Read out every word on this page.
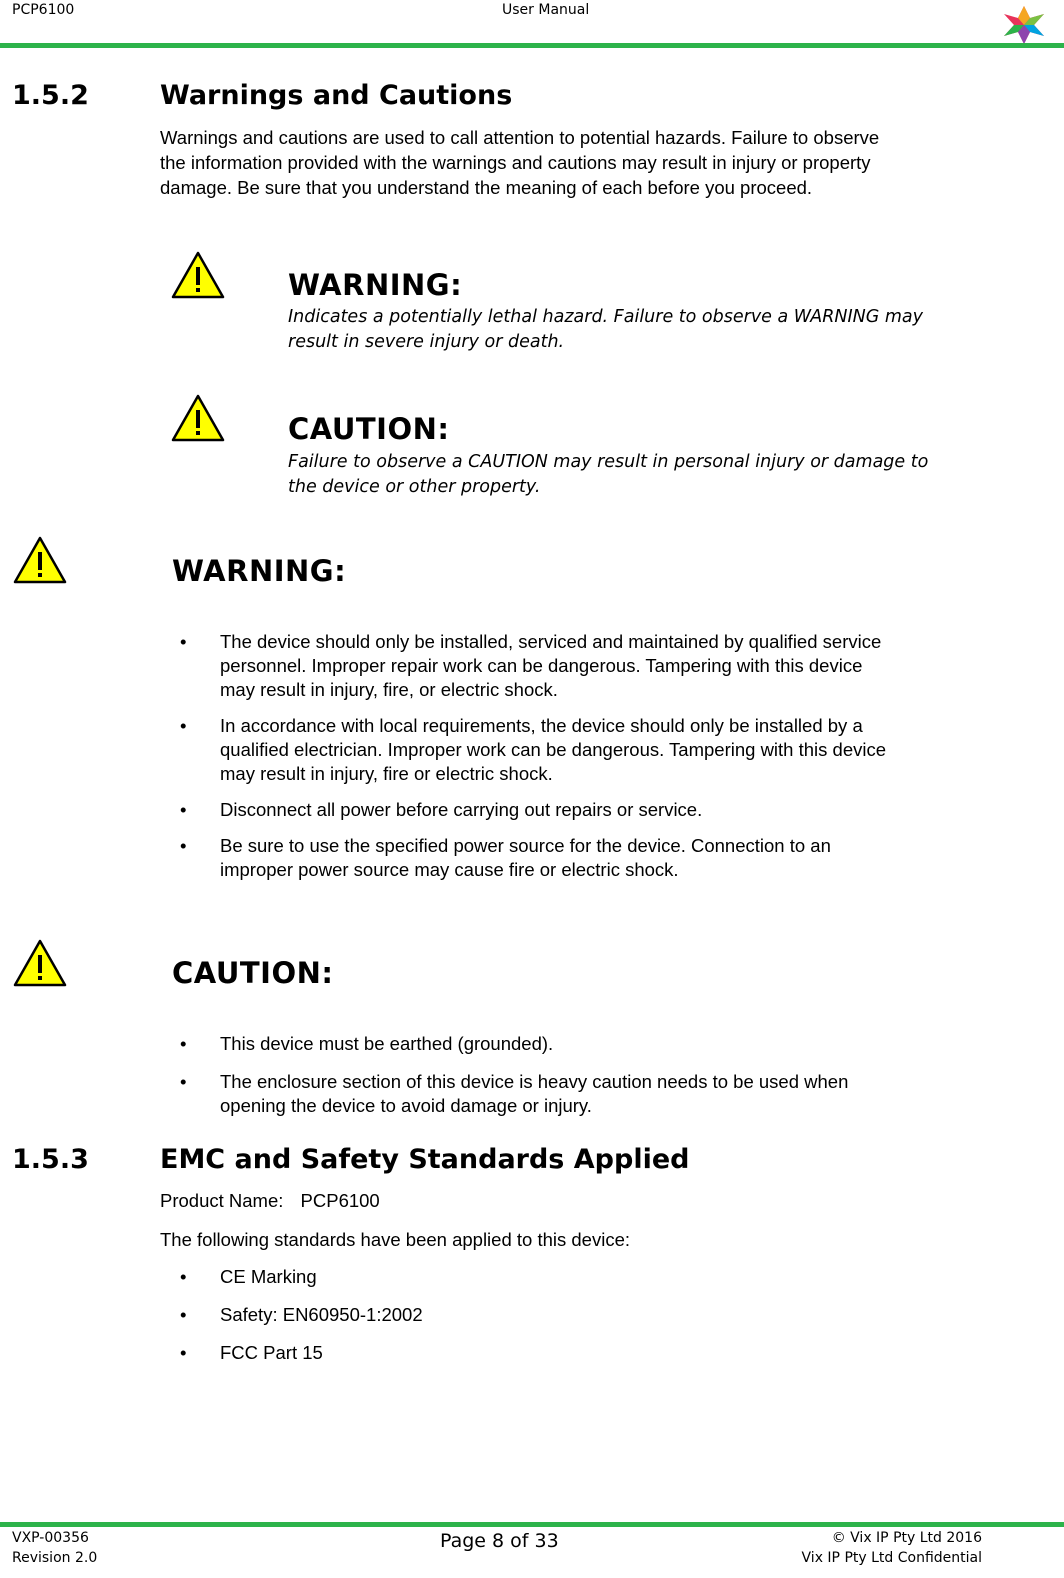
PCP6100	User Manual
1.5.2	Warnings and Cautions
Warnings and cautions are used to call attention to potential hazards. Failure to observe
the information provided with the warnings and cautions may result in injury or property
damage. Be sure that you understand the meaning of each before you proceed.
WARNING:
Indicates a potentially lethal hazard. Failure to observe a WARNING may
result in severe injury or death.
CAUTION:
Failure to observe a CAUTION may result in personal injury or damage to
the device or other property.
WARNING:
• The device should only be installed, serviced and maintained by qualified service
personnel. Improper repair work can be dangerous. Tampering with this device
may result in injury, fire, or electric shock.
• In accordance with local requirements, the device should only be installed by a
qualified electrician. Improper work can be dangerous. Tampering with this device
may result in injury, fire or electric shock.
• Disconnect all power before carrying out repairs or service.
• Be sure to use the specified power source for the device. Connection to an
improper power source may cause fire or electric shock.
CAUTION:
• This device must be earthed (grounded).
• The enclosure section of this device is heavy caution needs to be used when
opening the device to avoid damage or injury.
1.5.3	EMC and Safety Standards Applied
Product Name: PCP6100
The following standards have been applied to this device:
• CE Marking
• Safety: EN60950-1:2002
• FCC Part 15
VXP-00356
Revision 2.0
Page 8 of 33	© Vix IP Pty Ltd 2016
Vix IP Pty Ltd Confidential
